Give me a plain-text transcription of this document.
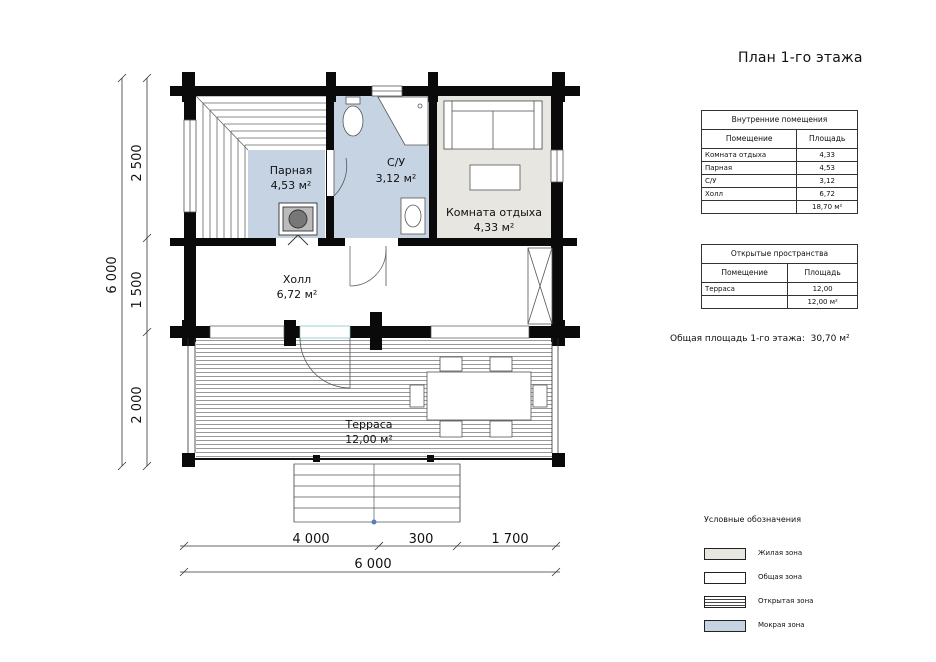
2 500
1 500
2 000
6 000
4 000	300	1 700
6 000
Парная
4,53 м²
С/У
3,12 м²
Комната отдыха
4,33 м²
Холл
6,72 м²
Терраса
12,00 м²
План 1-го этажа
Внутренние помещения	
Помещение	Площадь
Комната отдыха	4,33
Парная	4,53
С/У	3,12
Холл	6,72
	18,70 м²
Открытые пространства	
Помещение	Площадь
Терраса	12,00
	12,00 м²
Общая площадь 1-го этажа: 30,70 м²
Условные обозначения
Жилая зона
Общая зона
Открытая зона
Мокрая зона
